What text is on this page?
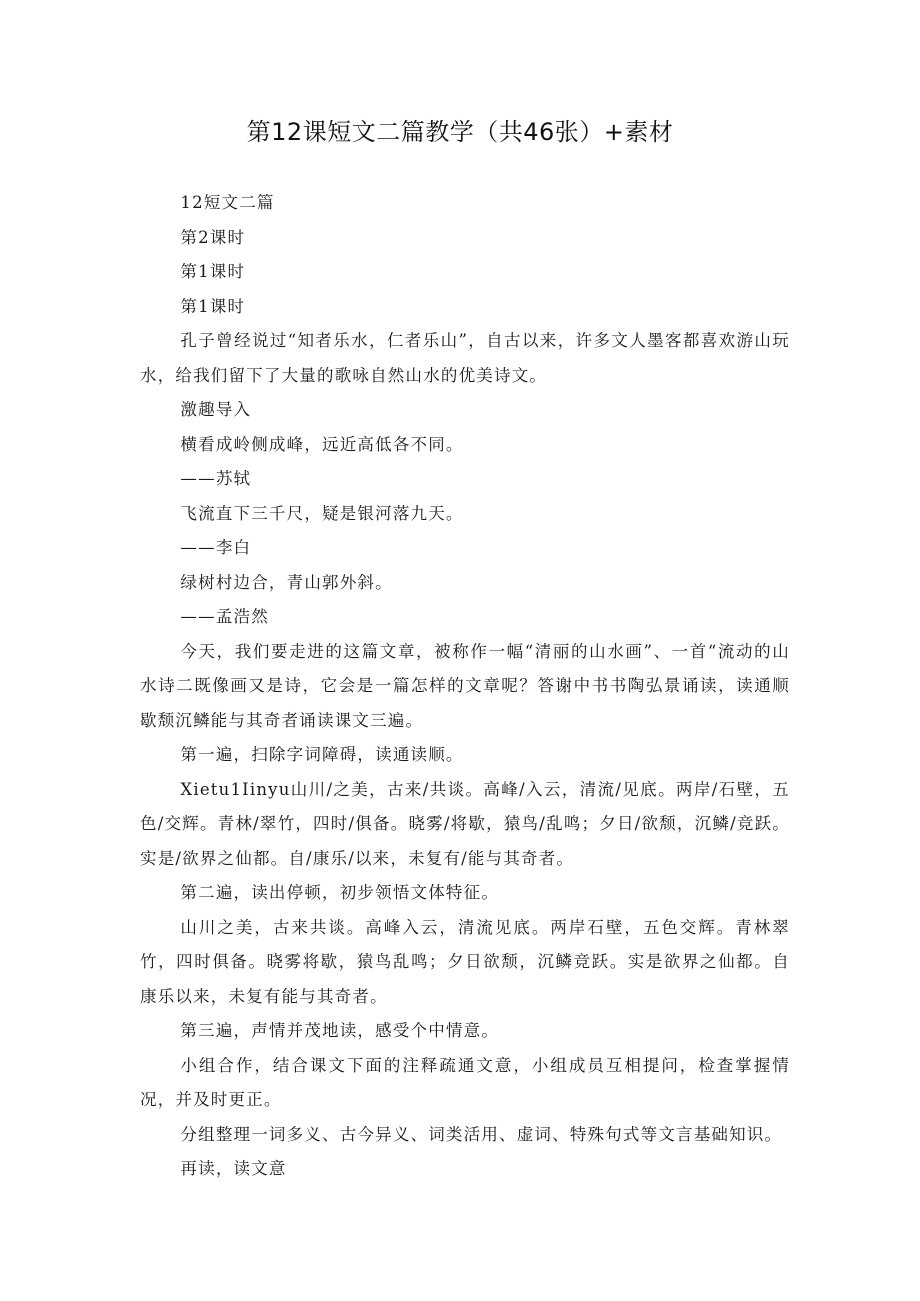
第12课短文二篇教学（共46张）+素材

12短文二篇

第2课时

第1课时

第1课时

孔子曾经说过“知者乐水，仁者乐山”，自古以来，许多文人墨客都喜欢游山玩水，给我们留下了大量的歌咏自然山水的优美诗文。

激趣导入

横看成岭侧成峰，远近高低各不同。

——苏轼

飞流直下三千尺，疑是银河落九天。

——李白

绿树村边合，青山郭外斜。

——孟浩然

今天，我们要走进的这篇文章，被称作一幅“清丽的山水画”、一首“流动的山水诗二既像画又是诗，它会是一篇怎样的文章呢？答谢中书书陶弘景诵读，读通顺歇颓沉鳞能与其奇者诵读课文三遍。

第一遍，扫除字词障碍，读通读顺。

Xietu1Iinyu山川/之美，古来/共谈。高峰/入云，清流/见底。两岸/石壁，五色/交辉。青林/翠竹，四时/俱备。晓雾/将歇，猿鸟/乱鸣；夕日/欲颓，沉鳞/竞跃。实是/欲界之仙都。自/康乐/以来，未复有/能与其奇者。

第二遍，读出停顿，初步领悟文体特征。

山川之美，古来共谈。高峰入云，清流见底。两岸石壁，五色交辉。青林翠竹，四时俱备。晓雾将歇，猿鸟乱鸣；夕日欲颓，沉鳞竞跃。实是欲界之仙都。自康乐以来，未复有能与其奇者。

第三遍，声情并茂地读，感受个中情意。

小组合作，结合课文下面的注释疏通文意，小组成员互相提问，检查掌握情况，并及时更正。

分组整理一词多义、古今异义、词类活用、虚词、特殊句式等文言基础知识。

再读，读文意
